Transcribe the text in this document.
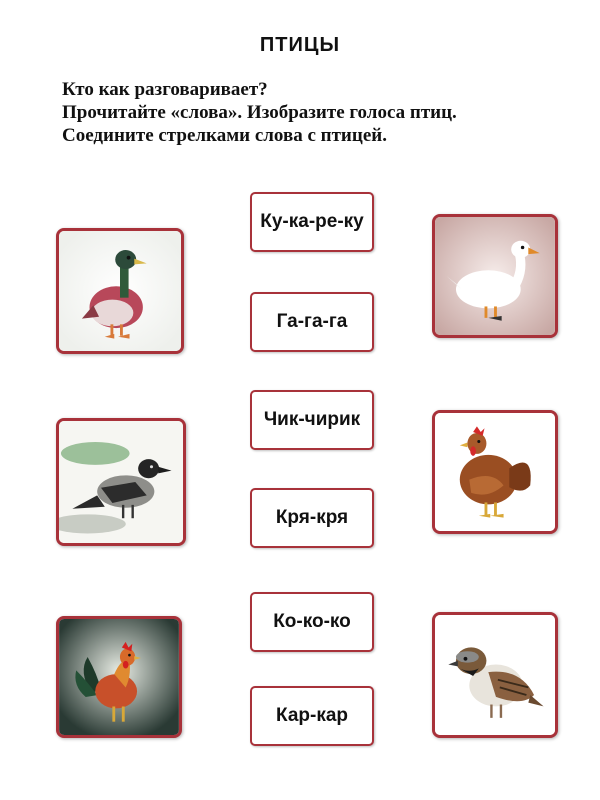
ПТИЦЫ
Кто как разговаривает?
Прочитайте «слова». Изобразите голоса птиц.
Соедините стрелками слова с птицей.
Ку-ка-ре-ку
Га-га-га
Чик-чирик
Кря-кря
Ко-ко-ко
Кар-кар
